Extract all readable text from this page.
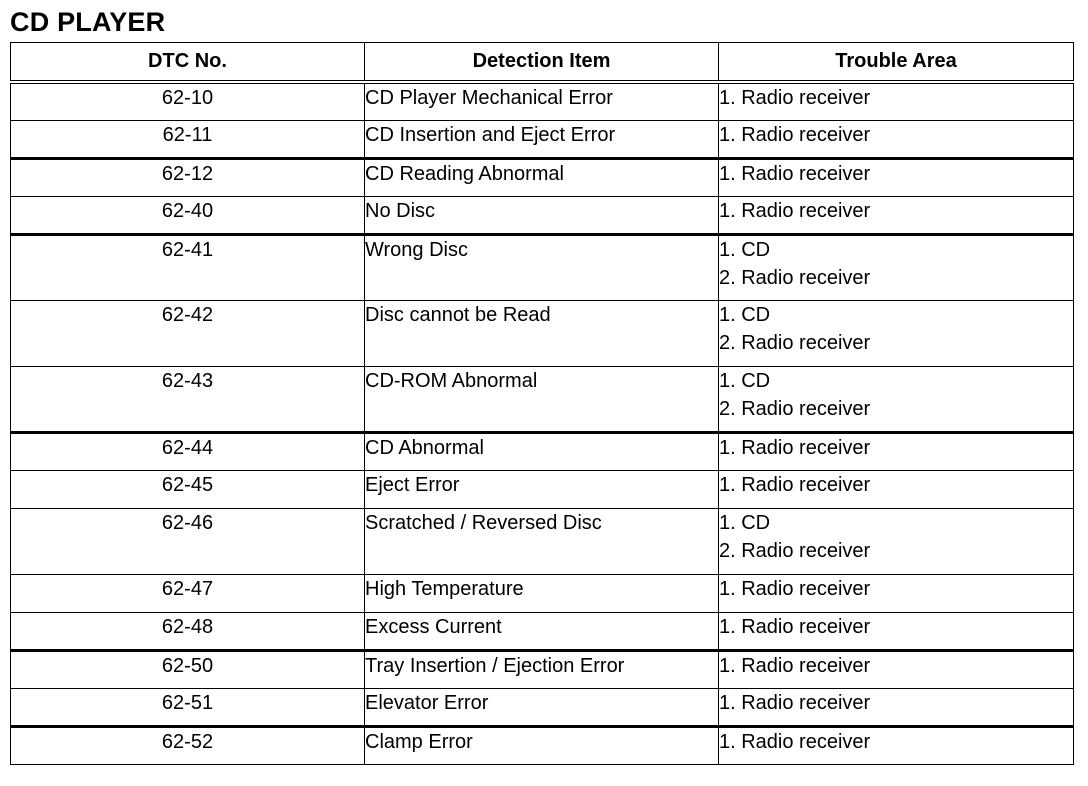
CD PLAYER
DTC No.	Detection Item	Trouble Area

62-10	CD Player Mechanical Error	1. Radio receiver

62-11	CD Insertion and Eject Error	1. Radio receiver

62-12	CD Reading Abnormal	1. Radio receiver

62-40	No Disc	1. Radio receiver

62-41	Wrong Disc	1. CD
2. Radio receiver

62-42	Disc cannot be Read	1. CD
2. Radio receiver

62-43	CD-ROM Abnormal	1. CD
2. Radio receiver

62-44	CD Abnormal	1. Radio receiver

62-45	Eject Error	1. Radio receiver

62-46	Scratched / Reversed Disc	1. CD
2. Radio receiver

62-47	High Temperature	1. Radio receiver

62-48	Excess Current	1. Radio receiver

62-50	Tray Insertion / Ejection Error	1. Radio receiver

62-51	Elevator Error	1. Radio receiver

62-52	Clamp Error	1. Radio receiver
